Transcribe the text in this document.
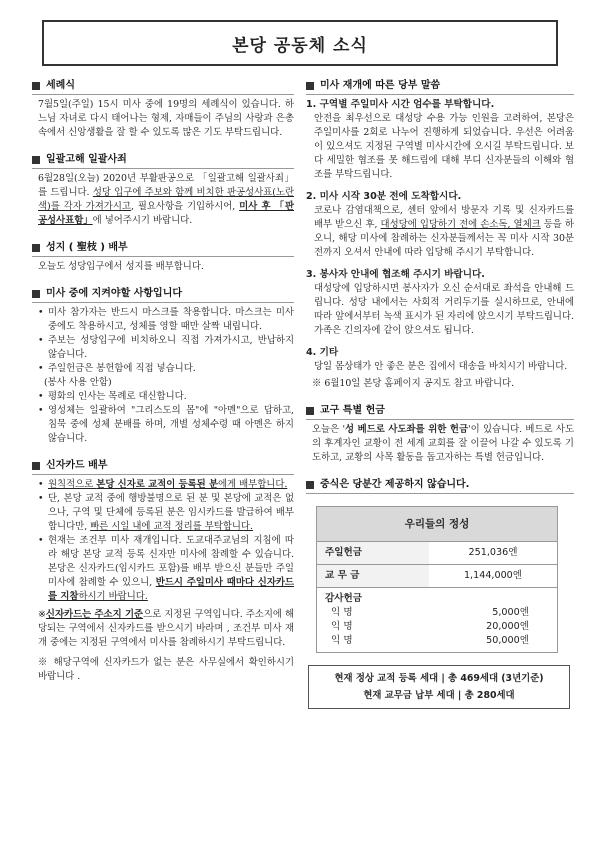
본당 공동체 소식
세례식

7월5일(주일) 15시 미사 중에 19명의 세례식이 있습니다. 하느님 자녀로 다시 태어나는 형제, 자매들이 주님의 사랑과 은총 속에서 신앙생활을 잘 할 수 있도록 많은 기도 부탁드립니다.

일괄고해 일괄사죄

6월28일(오늘) 2020년 부활판공으로 「일괄고해 일괄사죄」를 드립니다. 성당 입구에 주보와 함께 비치한 판공성사표(노란색)를 각자 가져가시고, 필요사항을 기입하시어, 미사 후 「판공성사표함」에 넣어주시기 바랍니다.

성지 ( 聖枝 ) 배부

오늘도 성당입구에서 성지를 배부합니다.

미사 중에 지켜야할 사항입니다
• 미사 참가자는 반드시 마스크를 착용합니다. 마스크는 미사 중에도 착용하시고, 성체를 영할 때만 살짝 내립니다.
• 주보는 성당입구에 비치하오니 직접 가져가시고, 반납하지 않습니다.
• 주일헌금은 봉헌함에 직접 넣습니다.
(봉사 사용 안함)
• 평화의 인사는 목례로 대신합니다.
• 영성체는 일괄하여 "그리스도의 몸"에 "아멘"으로 답하고, 침묵 중에 성체 분배를 하며, 개별 성체수령 때 아멘은 하지 않습니다.
신자카드 배부
• 원칙적으로 본당 신자로 교적이 등록된 분에게 배부합니다.
• 단, 본당 교적 중에 행방불명으로 된 분 및 본당에 교적은 없으나, 구역 및 단체에 등록된 분은 임시카드를 발급하여 배부합니다만, 빠른 시일 내에 교적 정리를 부탁합니다.
• 현재는 조건부 미사 재개입니다. 도교대주교님의 지침에 따라 해당 본당 교적 등록 신자만 미사에 참례할 수 있습니다. 본당은 신자카드(임시카드 포함)를 배부 받으신 분들만 주일미사에 참례할 수 있으니, 반드시 주일미사 때마다 신자카드를 지참하시기 바랍니다.

※신자카드는 주소지 기준으로 지정된 구역입니다. 주소지에 해당되는 구역에서 신자카드를 받으시기 바라며 , 조건부 미사 재개 중에는 지정된 구역에서 미사를 참례하시기 부탁드립니다.

※ 해당구역에 신자카드가 없는 분은 사무실에서 확인하시기 바랍니다 .

미사 재개에 따른 당부 말씀
1. 구역별 주일미사 시간 엄수를 부탁합니다.

안전을 최우선으로 대성당 수용 가능 인원을 고려하여, 본당은 주일미사를 2회로 나누어 진행하게 되었습니다. 우선은 어려움이 있으셔도 지정된 구역별 미사시간에 오시길 부탁드립니다. 보다 세밀한 협조를 못 해드림에 대해 부디 신자분들의 이해와 협조를 부탁드립니다.

2. 미사 시작 30분 전에 도착합시다.

코로나 감염대책으로, 셴터 앞에서 방문자 기록 및 신자카드를 배부 받으신 후, 대성당에 입당하기 전에 손소독, 열체크 등을 하오니, 해당 미사에 참례하는 신자분들께서는 꼭 미사 시작 30분 전까지 오셔서 안내에 따라 입당해 주시기 부탁합니다.

3. 봉사자 안내에 협조해 주시기 바랍니다.

대성당에 입당하시면 봉사자가 오신 순서대로 좌석을 안내해 드립니다. 성당 내에서는 사회적 거리두기를 실시하므로, 안내에 따라 앞에서부터 녹색 표시가 된 자리에 앉으시기 부탁드립니다. 가족은 긴의자에 같이 앉으셔도 됩니다.

4. 기타

당일 몸상태가 안 좋은 분은 집에서 대송을 바치시기 바랍니다.

※ 6월10일 본당 홈페이지 공지도 참고 바랍니다.

교구 특별 헌금

오늘은 '성 베드로 사도좌를 위한 헌금'이 있습니다. 베드로 사도의 후계자인 교황이 전 세계 교회를 잘 이끌어 나갈 수 있도록 기도하고, 교황의 사목 활동을 돕고자하는 특별 헌금입니다.

중식은 당분간 제공하지 않습니다.
우리들의 정성
주일헌금	251,036엔
교 무 금	1,144,000엔
감사헌금
익 명
익 명
익 명

5,000엔
20,000엔
50,000엔
현재 정상 교적 등록 세대 | 총 469세대 (3년기준)
현재 교무금 납부 세대 | 총 280세대
